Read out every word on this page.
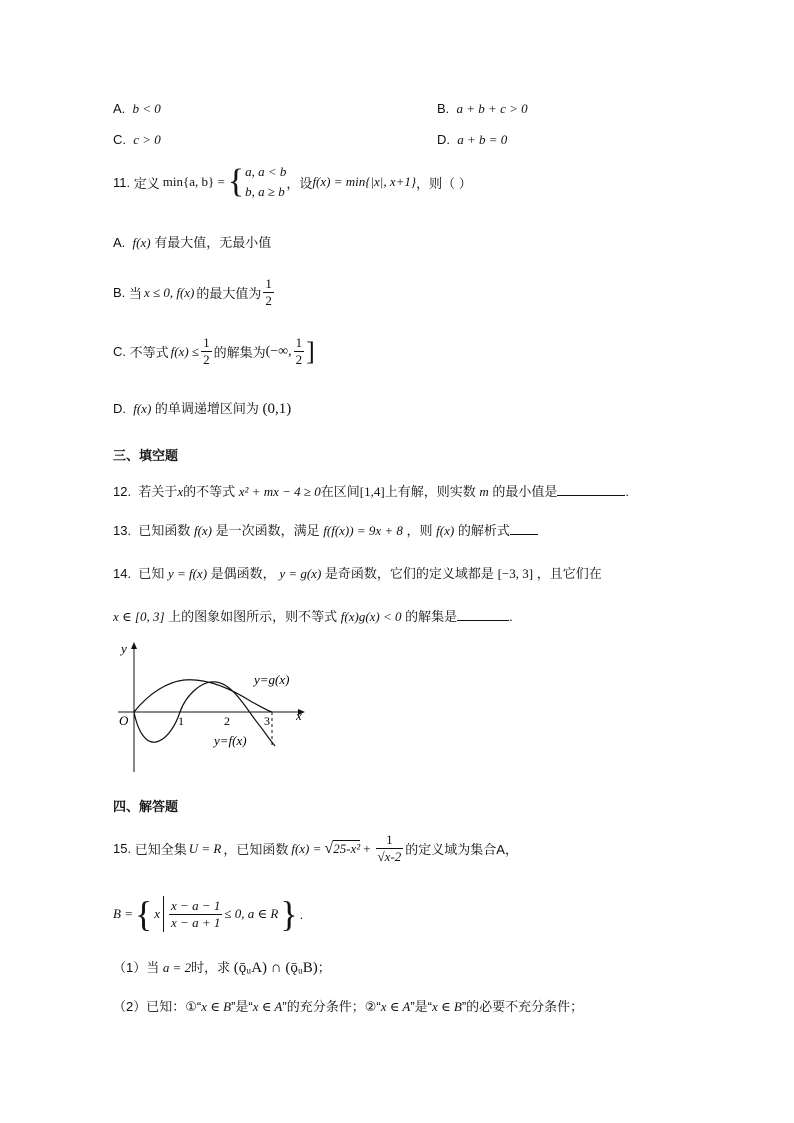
A. b < 0	B. a + b + c > 0
C. c > 0	D. a + b = 0
11.
定义 min{a, b} = { a, a < b
b, a ≥ b
，设 f(x) = min{|x|, x+1} ，则（ ）
A. f(x) 有最大值，无最小值
B.
当 x ≤ 0, f(x) 的最大值为 $\frac{1}{2}$
C.
不等式 $f(x) \le \frac{1}{2}$ 的解集为 (−∞, $\frac{1}{2}$ ]
D. f(x) 的单调递增区间为 (0,1)
三、填空题
12. 若关于x的不等式 x² + mx − 4 ≥ 0在区间[1,4]上有解，则实数 m 的最小值是	.
13. 已知函数 f(x) 是一次函数，满足 f(f(x)) = 9x + 8 ，则 f(x) 的解析式
14. 已知 y = f(x) 是偶函数， y = g(x) 是奇函数，它们的定义域都是 [−3, 3] ，且它们在
x ∈ [0, 3] 上的图象如图所示，则不等式 f(x)g(x) < 0 的解集是	.
y
x
O	1	2	3
y=g(x)
y=f(x)
四、解答题
15.
已知全集 U = R ，已知函数 f(x) = √ $25-x^2 + \frac{1}{√x-2}$ 的定义域为集合A，
B = { x $\frac{x - a - 1}{x - a + 1} \le 0$, a ∈ R } .
（1）当 a = 2时，求 (ǭᵤA) ∩ (ǭᵤB)；
（2）已知：①“x ∈ B”是“x ∈ A”的充分条件；②“x ∈ A”是“x ∈ B”的必要不充分条件；
